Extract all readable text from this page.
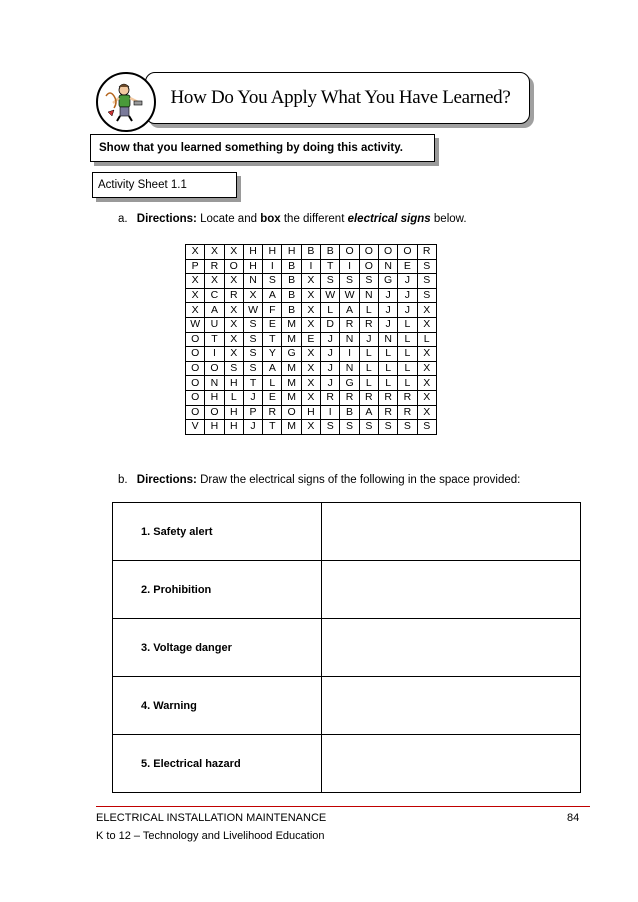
How Do You Apply What You Have Learned?
Show that you learned something by doing this activity.
Activity Sheet 1.1
a. Directions: Locate and box the different electrical signs below.
X	X	X	H	H	H	B	B	O	O	O	O	R
P	R	O	H	I	B	I	T	I	O	N	E	S
X	X	X	N	S	B	X	S	S	S	G	J	S
X	C	R	X	A	B	X	W	W	N	J	J	S
X	A	X	W	F	B	X	L	A	L	J	J	X
W	U	X	S	E	M	X	D	R	R	J	L	X
O	T	X	S	T	M	E	J	N	J	N	L	L
O	I	X	S	Y	G	X	J	I	L	L	L	X
O	O	S	S	A	M	X	J	N	L	L	L	X
O	N	H	T	L	M	X	J	G	L	L	L	X
O	H	L	J	E	M	X	R	R	R	R	R	X
O	O	H	P	R	O	H	I	B	A	R	R	X
V	H	H	J	T	M	X	S	S	S	S	S	S
b. Directions: Draw the electrical signs of the following in the space provided:
1. Safety alert	
2. Prohibition	
3. Voltage danger	
4. Warning	
5. Electrical hazard	
ELECTRICAL INSTALLATION MAINTENANCE
K to 12 – Technology and Livelihood Education
84
